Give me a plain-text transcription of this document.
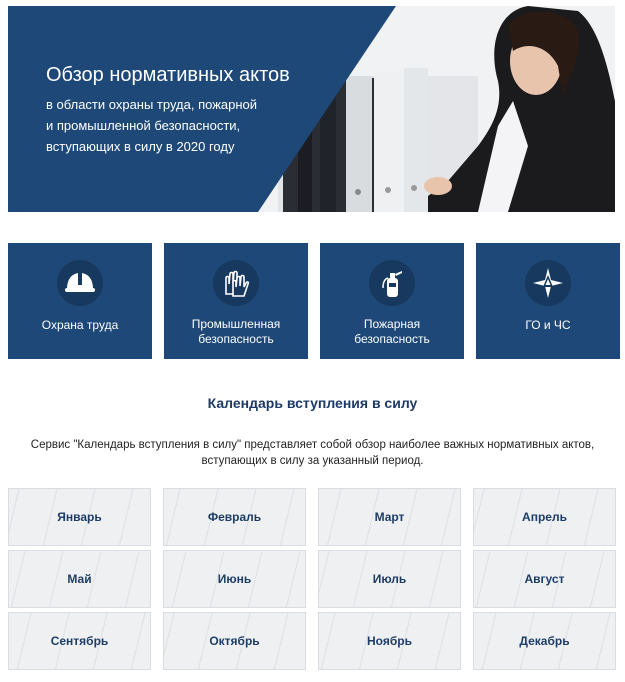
Обзор нормативных актов

в области охраны труда, пожарной
и промышленной безопасности,
вступающих в силу в 2020 году

Охрана труда	Промышленная
безопасность
Пожарная
безопасность
ГО и ЧС
Календарь вступления в силу

Сервис "Календарь вступления в силу" представляет собой обзор наиболее важных нормативных актов,
вступающих в силу за указанный период.

Январь	Февраль	Март	Апрель
Май	Июнь	Июль	Август
Сентябрь	Октябрь	Ноябрь	Декабрь
